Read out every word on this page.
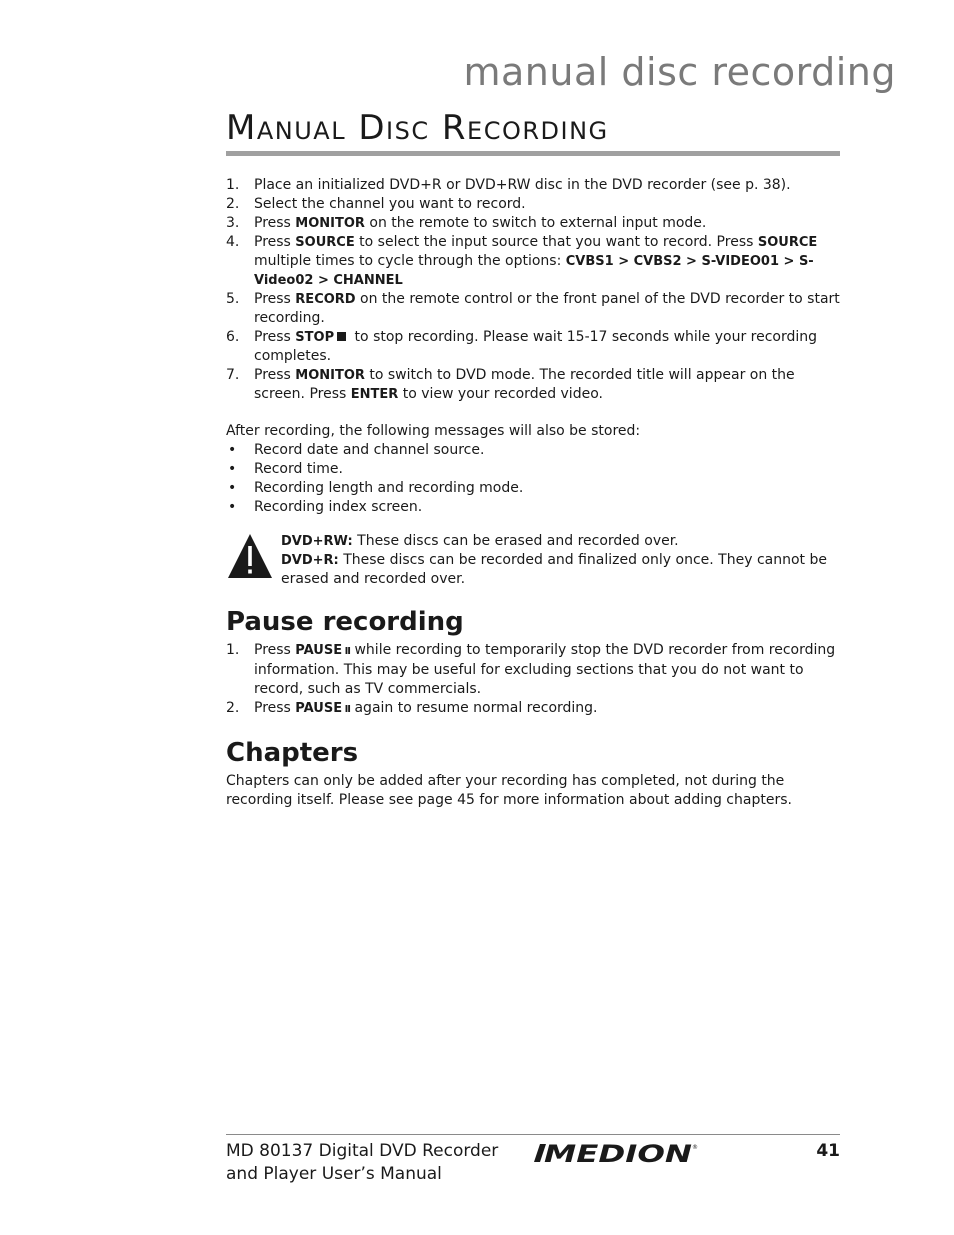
manual disc recording
Manual Disc Recording
1. Place an initialized DVD+R or DVD+RW disc in the DVD recorder (see p. 38).
2. Select the channel you want to record.
3. Press MONITOR on the remote to switch to external input mode.
4. Press SOURCE to select the input source that you want to record. Press SOURCE multiple times to cycle through the options: CVBS1 > CVBS2 > S-VIDEO01 > S-Video02 > CHANNEL
5. Press RECORD on the remote control or the front panel of the DVD recorder to start recording.
6. Press STOP to stop recording. Please wait 15-17 seconds while your recording completes.
7. Press MONITOR to switch to DVD mode. The recorded title will appear on the screen. Press ENTER to view your recorded video.

After recording, the following messages will also be stored:

• Record date and channel source.
• Record time.
• Recording length and recording mode.
• Recording index screen.
DVD+RW: These discs can be erased and recorded over.
DVD+R: These discs can be recorded and finalized only once. They cannot be erased and recorded over.
Pause recording
1. Press PAUSE II while recording to temporarily stop the DVD recorder from recording information. This may be useful for excluding sections that you do not want to record, such as TV commercials.
2. Press PAUSE II again to resume normal recording.
Chapters

Chapters can only be added after your recording has completed, not during the recording itself. Please see page 45 for more information about adding chapters.

MD 80137 Digital DVD Recorder
and Player User’s Manual
MEDION ®	41
